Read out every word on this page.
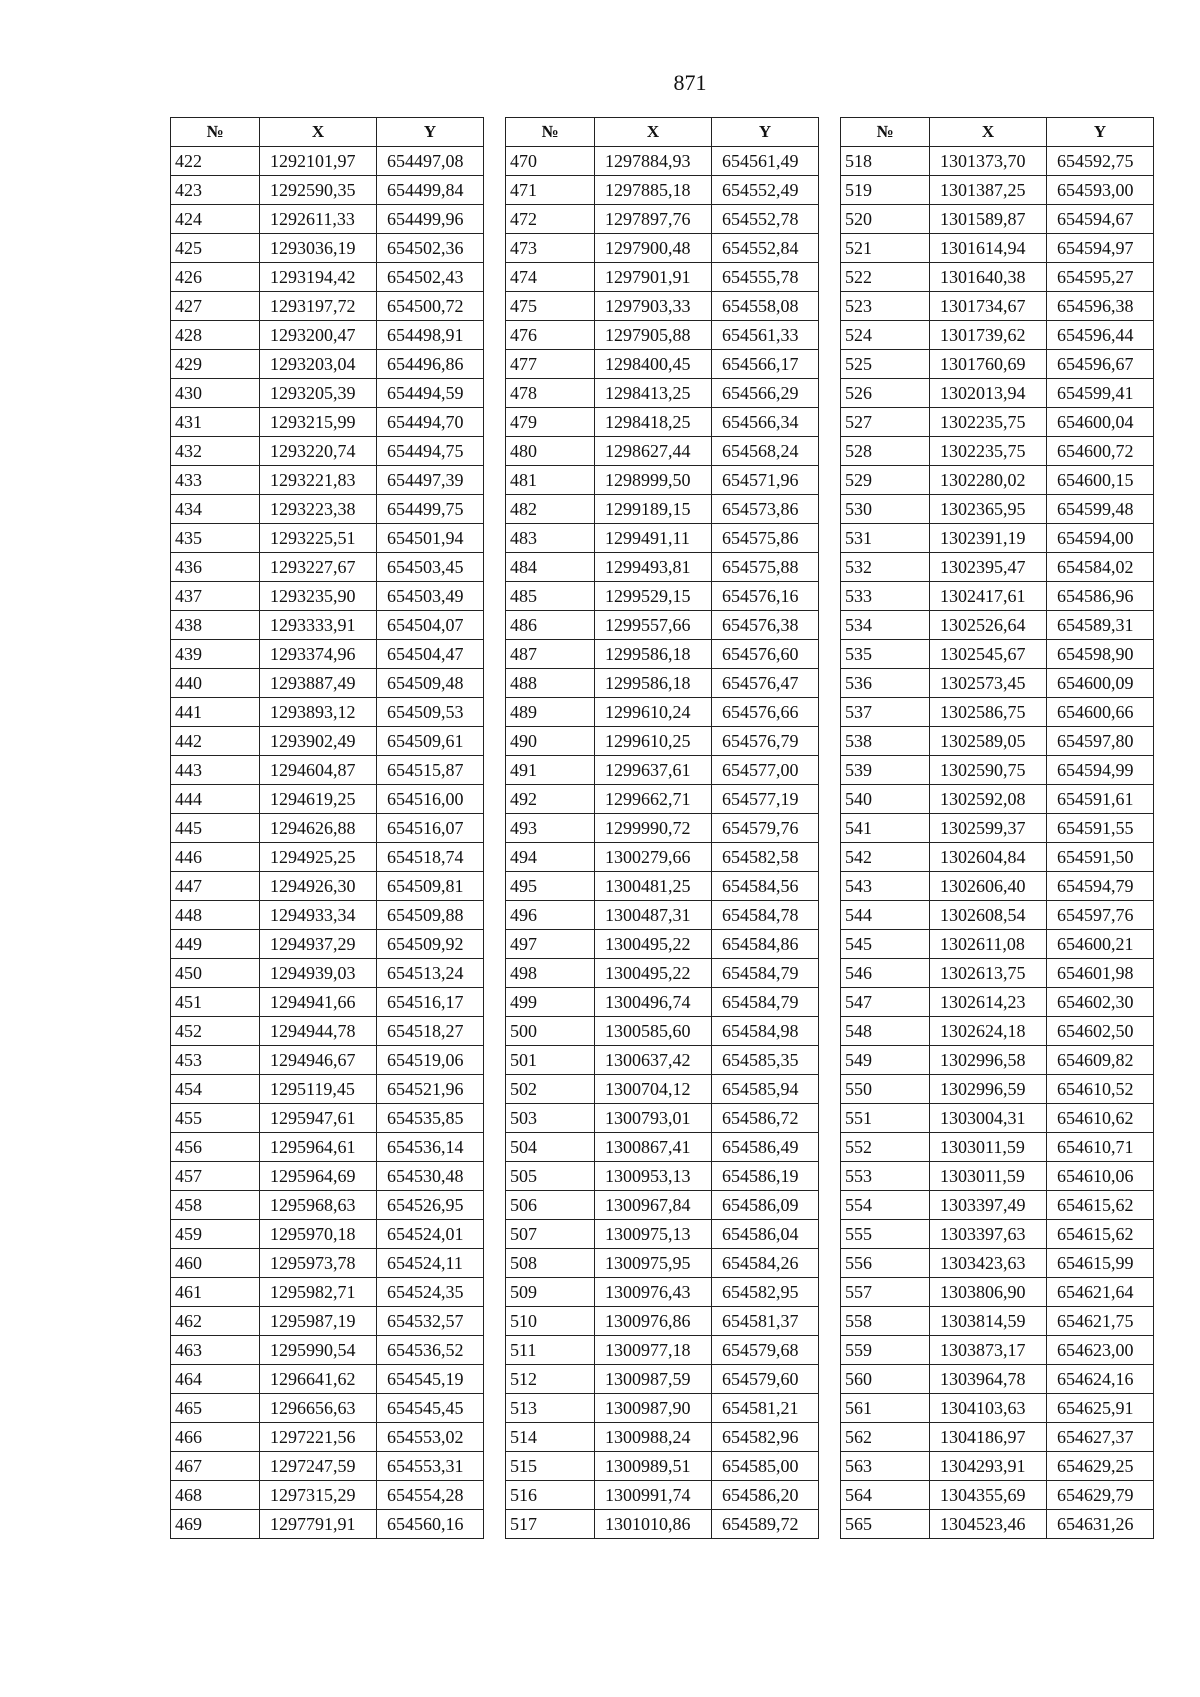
871
№	X	Y
422	1292101,97	654497,08
423	1292590,35	654499,84
424	1292611,33	654499,96
425	1293036,19	654502,36
426	1293194,42	654502,43
427	1293197,72	654500,72
428	1293200,47	654498,91
429	1293203,04	654496,86
430	1293205,39	654494,59
431	1293215,99	654494,70
432	1293220,74	654494,75
433	1293221,83	654497,39
434	1293223,38	654499,75
435	1293225,51	654501,94
436	1293227,67	654503,45
437	1293235,90	654503,49
438	1293333,91	654504,07
439	1293374,96	654504,47
440	1293887,49	654509,48
441	1293893,12	654509,53
442	1293902,49	654509,61
443	1294604,87	654515,87
444	1294619,25	654516,00
445	1294626,88	654516,07
446	1294925,25	654518,74
447	1294926,30	654509,81
448	1294933,34	654509,88
449	1294937,29	654509,92
450	1294939,03	654513,24
451	1294941,66	654516,17
452	1294944,78	654518,27
453	1294946,67	654519,06
454	1295119,45	654521,96
455	1295947,61	654535,85
456	1295964,61	654536,14
457	1295964,69	654530,48
458	1295968,63	654526,95
459	1295970,18	654524,01
460	1295973,78	654524,11
461	1295982,71	654524,35
462	1295987,19	654532,57
463	1295990,54	654536,52
464	1296641,62	654545,19
465	1296656,63	654545,45
466	1297221,56	654553,02
467	1297247,59	654553,31
468	1297315,29	654554,28
469	1297791,91	654560,16
№	X	Y
470	1297884,93	654561,49
471	1297885,18	654552,49
472	1297897,76	654552,78
473	1297900,48	654552,84
474	1297901,91	654555,78
475	1297903,33	654558,08
476	1297905,88	654561,33
477	1298400,45	654566,17
478	1298413,25	654566,29
479	1298418,25	654566,34
480	1298627,44	654568,24
481	1298999,50	654571,96
482	1299189,15	654573,86
483	1299491,11	654575,86
484	1299493,81	654575,88
485	1299529,15	654576,16
486	1299557,66	654576,38
487	1299586,18	654576,60
488	1299586,18	654576,47
489	1299610,24	654576,66
490	1299610,25	654576,79
491	1299637,61	654577,00
492	1299662,71	654577,19
493	1299990,72	654579,76
494	1300279,66	654582,58
495	1300481,25	654584,56
496	1300487,31	654584,78
497	1300495,22	654584,86
498	1300495,22	654584,79
499	1300496,74	654584,79
500	1300585,60	654584,98
501	1300637,42	654585,35
502	1300704,12	654585,94
503	1300793,01	654586,72
504	1300867,41	654586,49
505	1300953,13	654586,19
506	1300967,84	654586,09
507	1300975,13	654586,04
508	1300975,95	654584,26
509	1300976,43	654582,95
510	1300976,86	654581,37
511	1300977,18	654579,68
512	1300987,59	654579,60
513	1300987,90	654581,21
514	1300988,24	654582,96
515	1300989,51	654585,00
516	1300991,74	654586,20
517	1301010,86	654589,72
№	X	Y
518	1301373,70	654592,75
519	1301387,25	654593,00
520	1301589,87	654594,67
521	1301614,94	654594,97
522	1301640,38	654595,27
523	1301734,67	654596,38
524	1301739,62	654596,44
525	1301760,69	654596,67
526	1302013,94	654599,41
527	1302235,75	654600,04
528	1302235,75	654600,72
529	1302280,02	654600,15
530	1302365,95	654599,48
531	1302391,19	654594,00
532	1302395,47	654584,02
533	1302417,61	654586,96
534	1302526,64	654589,31
535	1302545,67	654598,90
536	1302573,45	654600,09
537	1302586,75	654600,66
538	1302589,05	654597,80
539	1302590,75	654594,99
540	1302592,08	654591,61
541	1302599,37	654591,55
542	1302604,84	654591,50
543	1302606,40	654594,79
544	1302608,54	654597,76
545	1302611,08	654600,21
546	1302613,75	654601,98
547	1302614,23	654602,30
548	1302624,18	654602,50
549	1302996,58	654609,82
550	1302996,59	654610,52
551	1303004,31	654610,62
552	1303011,59	654610,71
553	1303011,59	654610,06
554	1303397,49	654615,62
555	1303397,63	654615,62
556	1303423,63	654615,99
557	1303806,90	654621,64
558	1303814,59	654621,75
559	1303873,17	654623,00
560	1303964,78	654624,16
561	1304103,63	654625,91
562	1304186,97	654627,37
563	1304293,91	654629,25
564	1304355,69	654629,79
565	1304523,46	654631,26
